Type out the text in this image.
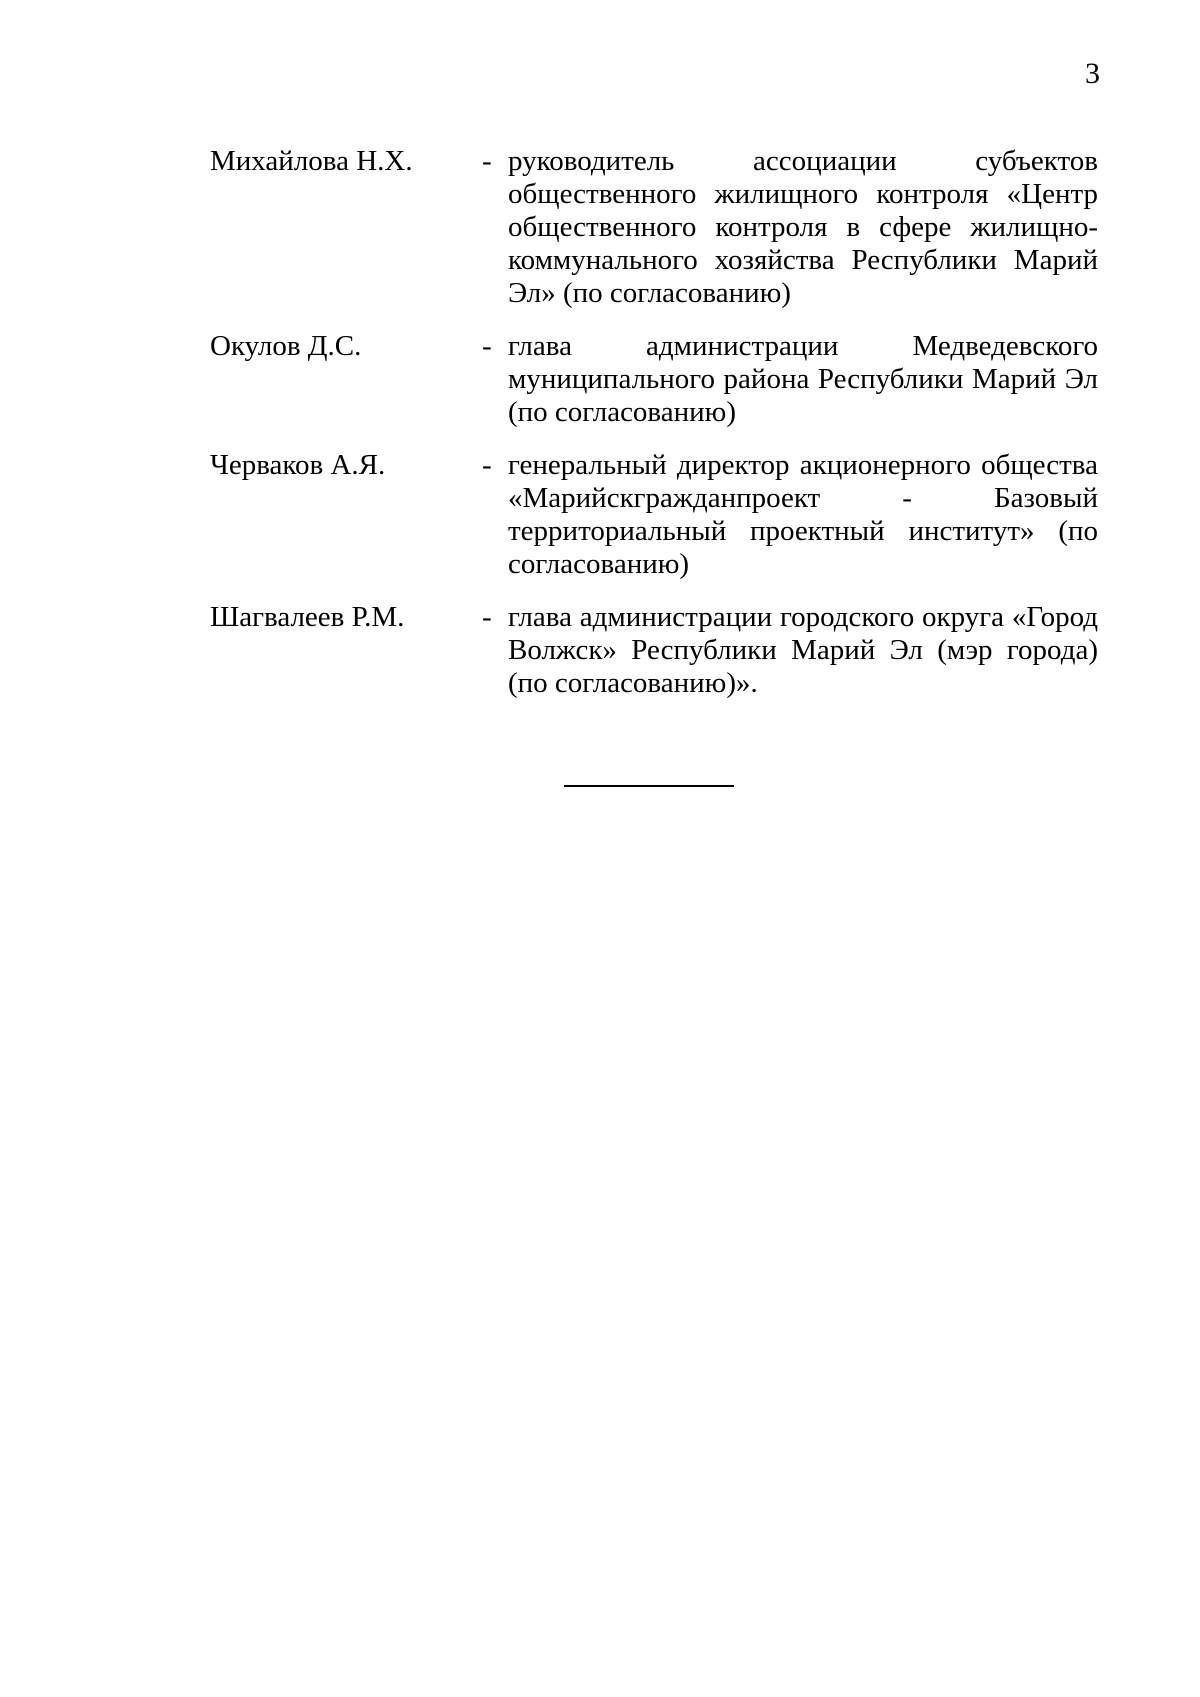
3
Михайлова Н.Х.	- руководитель ассоциации субъектов общественного жилищного контроля «Центр общественного контроля в сфере жилищно-коммунального хозяйства Республики Марий Эл» (по согласованию)
Окулов Д.С.	- глава администрации Медведевского муниципального района Республики Марий Эл (по согласованию)
Черваков А.Я.	- генеральный директор акционерного общества «Марийскгражданпроект - Базовый территориальный проектный институт» (по согласованию)
Шагвалеев Р.М.	- глава администрации городского округа «Город Волжск» Республики Марий Эл (мэр города) (по согласованию)».
